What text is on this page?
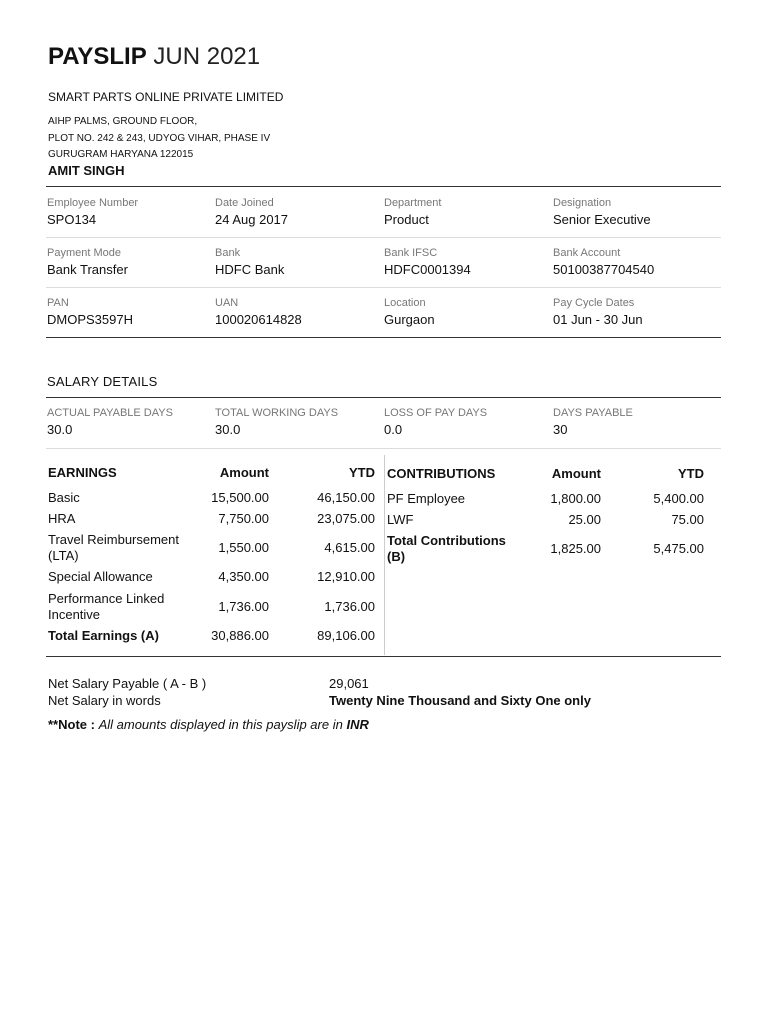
PAYSLIP JUN 2021
SMART PARTS ONLINE PRIVATE LIMITED
AIHP PALMS, GROUND FLOOR,
PLOT NO. 242 & 243, UDYOG VIHAR, PHASE IV
GURUGRAM HARYANA 122015
AMIT SINGH
Employee Number
SPO134
Date Joined
24 Aug 2017
Department
Product
Designation
Senior Executive
Payment Mode
Bank Transfer
Bank
HDFC Bank
Bank IFSC
HDFC0001394
Bank Account
50100387704540
PAN
DMOPS3597H
UAN
100020614828
Location
Gurgaon
Pay Cycle Dates
01 Jun - 30 Jun
SALARY DETAILS
ACTUAL PAYABLE DAYS
30.0
TOTAL WORKING DAYS
30.0
LOSS OF PAY DAYS
0.0
DAYS PAYABLE
30
EARNINGS	Amount	YTD
Basic	15,500.00	46,150.00
HRA	7,750.00	23,075.00
Travel Reimbursement (LTA)
1,550.00	4,615.00
Special Allowance	4,350.00	12,910.00
Performance Linked Incentive
1,736.00	1,736.00
Total Earnings (A)	30,886.00	89,106.00
CONTRIBUTIONS	Amount	YTD
PF Employee	1,800.00	5,400.00
LWF	25.00	75.00
Total Contributions (B)
1,825.00	5,475.00
Net Salary Payable ( A - B )	29,061
Net Salary in words	Twenty Nine Thousand and Sixty One only
**Note : All amounts displayed in this payslip are in INR
